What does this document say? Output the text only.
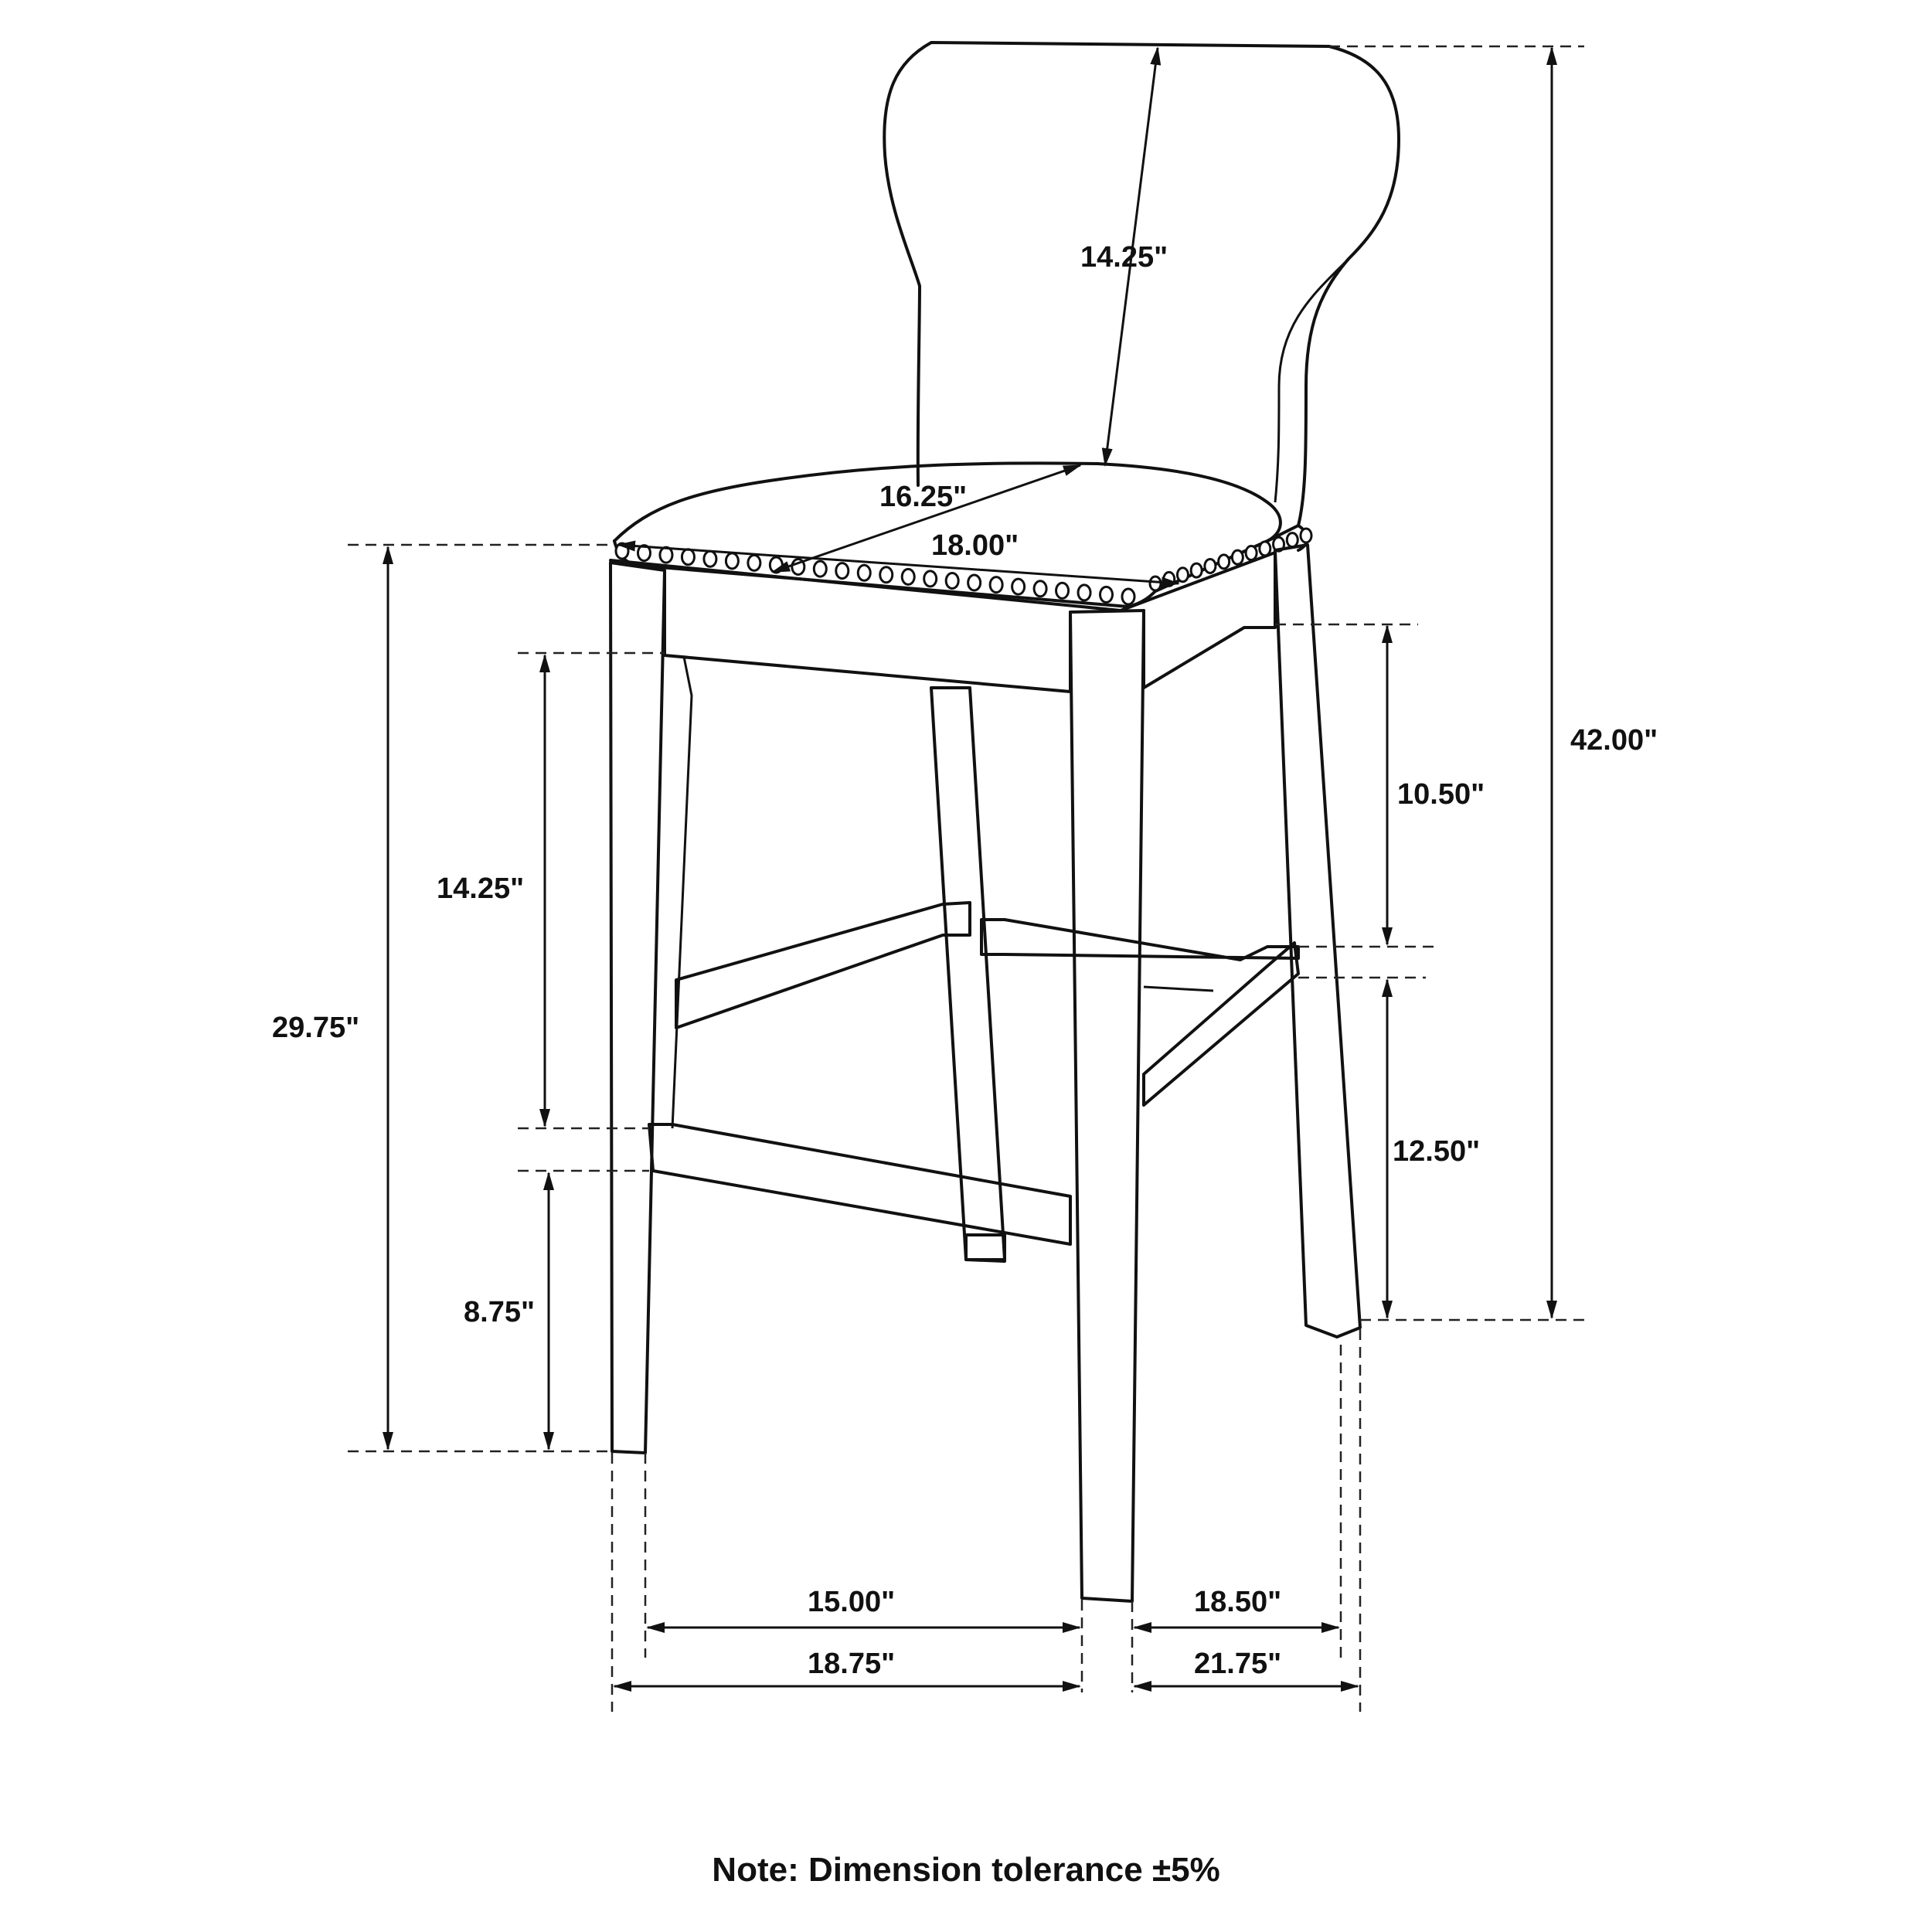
14.25"
16.25"
18.00"
42.00"
29.75"
14.25"
8.75"
10.50"
12.50"
15.00"
18.75"
18.50"
21.75"
Note: Dimension tolerance ±5%
